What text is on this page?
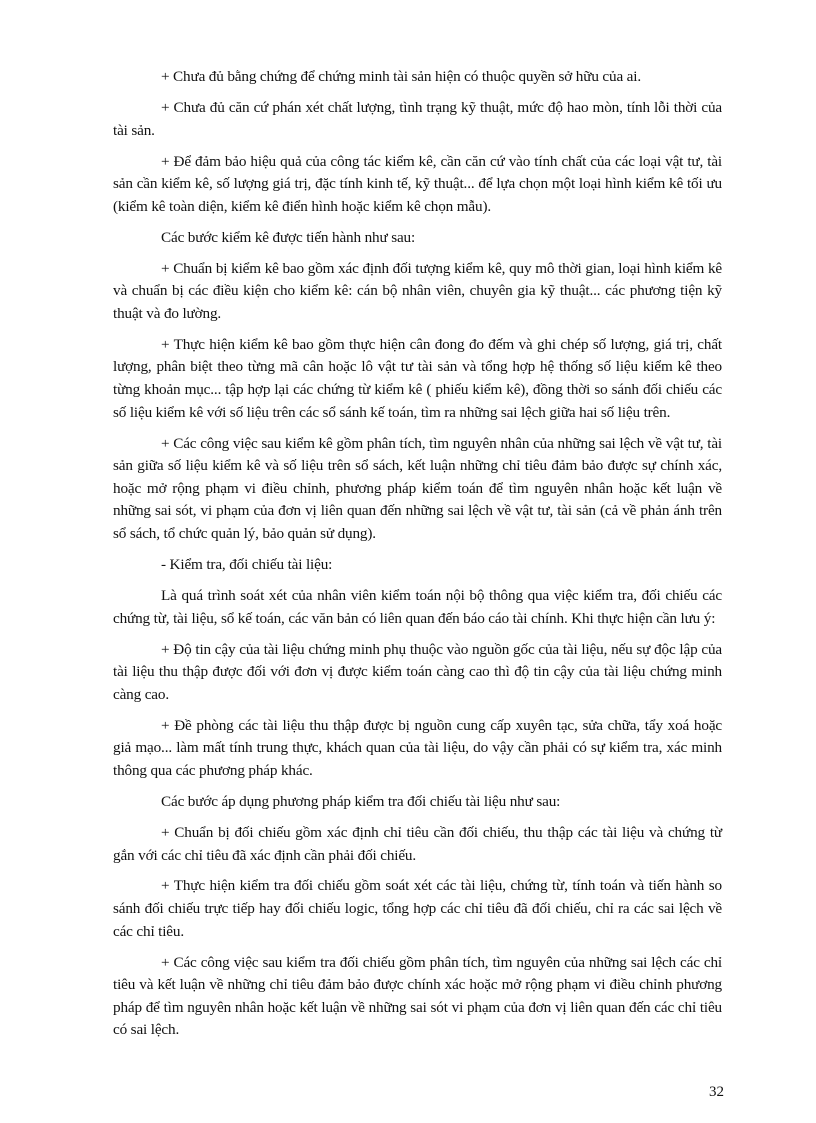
+ Chưa đủ bằng chứng để chứng minh tài sản hiện có thuộc quyền sở hữu của ai.

+ Chưa đủ căn cứ phán xét chất lượng, tình trạng kỹ thuật, mức độ hao mòn, tính lỗi thời của tài sản.

+ Để đảm bảo hiệu quả của công tác kiểm kê, cần căn cứ vào tính chất của các loại vật tư, tài sản cần kiểm kê, số lượng giá trị, đặc tính kinh tế, kỹ thuật... để lựa chọn một loại hình kiểm kê tối ưu (kiểm kê toàn diện, kiểm kê điển hình hoặc kiểm kê chọn mẫu).

Các bước kiểm kê được tiến hành như sau:

+ Chuẩn bị kiểm kê bao gồm xác định đối tượng kiểm kê, quy mô thời gian, loại hình kiểm kê và chuẩn bị các điều kiện cho kiểm kê: cán bộ nhân viên, chuyên gia kỹ thuật... các phương tiện kỹ thuật và đo lường.

+ Thực hiện kiểm kê bao gồm thực hiện cân đong đo đếm và ghi chép số lượng, giá trị, chất lượng, phân biệt theo từng mã cân hoặc lô vật tư tài sản và tổng hợp hệ thống số liệu kiểm kê theo từng khoản mục... tập hợp lại các chứng từ kiểm kê ( phiếu kiểm kê), đồng thời so sánh đối chiếu các số liệu kiểm kê với số liệu trên các sổ sánh kế toán, tìm ra những sai lệch giữa hai số liệu trên.

+ Các công việc sau kiểm kê gồm phân tích, tìm nguyên nhân của những sai lệch về vật tư, tài sản giữa số liệu kiểm kê và số liệu trên sổ sách, kết luận những chỉ tiêu đảm bảo được sự chính xác, hoặc mở rộng phạm vi điều chỉnh, phương pháp kiểm toán để tìm nguyên nhân hoặc kết luận về những sai sót, vi phạm của đơn vị liên quan đến những sai lệch về vật tư, tài sản (cả về phản ánh trên sổ sách, tổ chức quản lý, bảo quản sử dụng).

- Kiểm tra, đối chiếu tài liệu:

Là quá trình soát xét của nhân viên kiểm toán nội bộ thông qua việc kiểm tra, đối chiếu các chứng từ, tài liệu, sổ kế toán, các văn bản có liên quan đến báo cáo tài chính. Khi thực hiện cần lưu ý:

+ Độ tin cậy của tài liệu chứng minh phụ thuộc vào nguồn gốc của tài liệu, nếu sự độc lập của tài liệu thu thập được đối với đơn vị được kiểm toán càng cao thì độ tin cậy của tài liệu chứng minh càng cao.

+ Đề phòng các tài liệu thu thập được bị nguồn cung cấp xuyên tạc, sửa chữa, tẩy xoá hoặc giả mạo... làm mất tính trung thực, khách quan của tài liệu, do vậy cần phải có sự kiểm tra, xác minh thông qua các phương pháp khác.

Các bước áp dụng phương pháp kiểm tra đối chiếu tài liệu như sau:

+ Chuẩn bị đối chiếu gồm xác định chỉ tiêu cần đối chiếu, thu thập các tài liệu và chứng từ gắn với các chỉ tiêu đã xác định cần phải đối chiếu.

+ Thực hiện kiểm tra đối chiếu gồm soát xét các tài liệu, chứng từ, tính toán và tiến hành so sánh đối chiếu trực tiếp hay đối chiếu logic, tổng hợp các chỉ tiêu đã đối chiếu, chỉ ra các sai lệch về các chỉ tiêu.

+ Các công việc sau kiểm tra đối chiếu gồm phân tích, tìm nguyên của những sai lệch các chỉ tiêu và kết luận về những chỉ tiêu đảm bảo được chính xác hoặc mở rộng phạm vi điều chỉnh phương pháp để tìm nguyên nhân hoặc kết luận về những sai sót vi phạm của đơn vị liên quan đến các chỉ tiêu có sai lệch.

32
